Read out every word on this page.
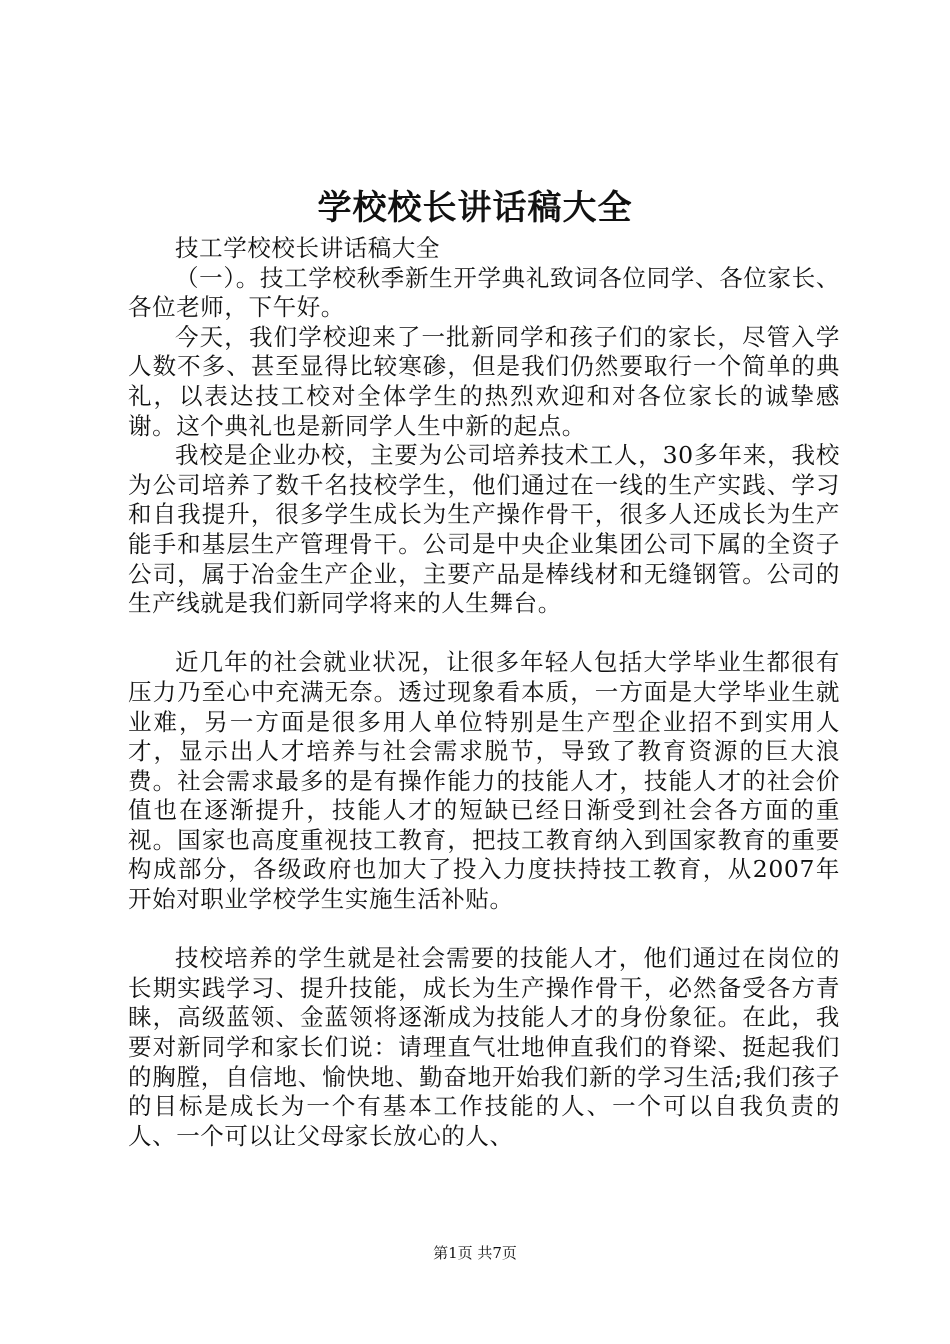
学校校长讲话稿大全

技工学校校长讲话稿大全

（一）。技工学校秋季新生开学典礼致词各位同学、各位家长、各位老师，下午好。

今天，我们学校迎来了一批新同学和孩子们的家长，尽管入学人数不多、甚至显得比较寒碜，但是我们仍然要取行一个简单的典礼，以表达技工校对全体学生的热烈欢迎和对各位家长的诚挚感谢。这个典礼也是新同学人生中新的起点。

我校是企业办校，主要为公司培养技术工人，30多年来，我校为公司培养了数千名技校学生，他们通过在一线的生产实践、学习和自我提升，很多学生成长为生产操作骨干，很多人还成长为生产能手和基层生产管理骨干。公司是中央企业集团公司下属的全资子公司，属于冶金生产企业，主要产品是棒线材和无缝钢管。公司的生产线就是我们新同学将来的人生舞台。

近几年的社会就业状况，让很多年轻人包括大学毕业生都很有压力乃至心中充满无奈。透过现象看本质，一方面是大学毕业生就业难，另一方面是很多用人单位特别是生产型企业招不到实用人才，显示出人才培养与社会需求脱节，导致了教育资源的巨大浪费。社会需求最多的是有操作能力的技能人才，技能人才的社会价值也在逐渐提升，技能人才的短缺已经日渐受到社会各方面的重视。国家也高度重视技工教育，把技工教育纳入到国家教育的重要构成部分，各级政府也加大了投入力度扶持技工教育，从2007年开始对职业学校学生实施生活补贴。

技校培养的学生就是社会需要的技能人才，他们通过在岗位的长期实践学习、提升技能，成长为生产操作骨干，必然备受各方青睐，高级蓝领、金蓝领将逐渐成为技能人才的身份象征。在此，我要对新同学和家长们说：请理直气壮地伸直我们的脊梁、挺起我们的胸膛，自信地、愉快地、勤奋地开始我们新的学习生活;我们孩子的目标是成长为一个有基本工作技能的人、一个可以自我负责的人、一个可以让父母家长放心的人、

第1页 共7页
